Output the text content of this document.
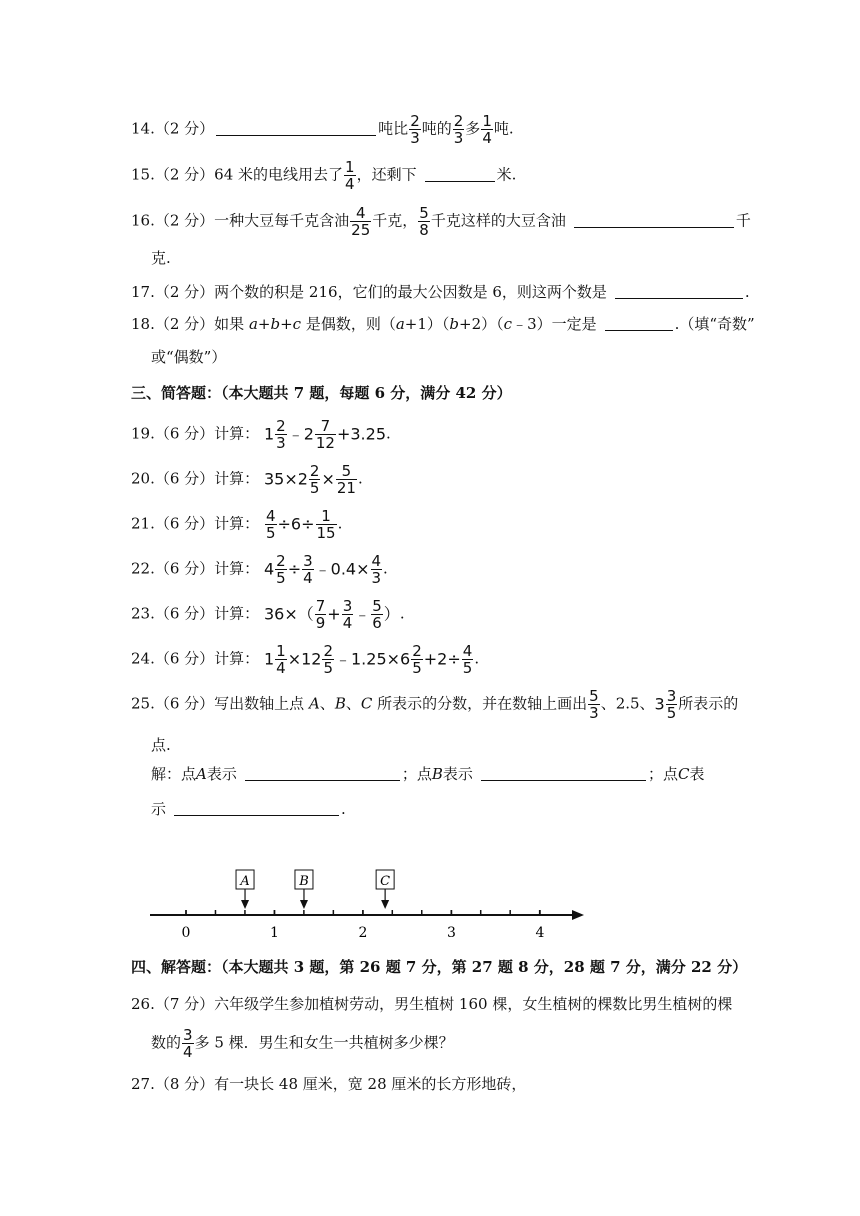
14.（2 分）	吨比 $\frac{2}{3}$ 吨的 $\frac{2}{3}$ 多 $\frac{1}{4}$ 吨.
15.（2 分）64 米的电线用去了 $\frac{1}{4}$ ，还剩下	米.
16.（2 分）一种大豆每千克含油 $\frac{4}{25}$ 千克， $\frac{5}{8}$ 千克这样的大豆含油	千
克.
17.（2 分）两个数的积是 216，它们的最大公因数是 6，则这两个数是	.
18.（2 分）如果 a+b+c 是偶数，则（a+1）（b+2）（c﹣3）一定是	.（填“奇数”
或“偶数”）
三、简答题：（本大题共 7 题，每题 6 分，满分 42 分）
19.（6 分）计算： $1 \frac{2}{3}$ ﹣2 $\frac{7}{12} +3.25$.
20.（6 分）计算： $35\times 2 \frac{2}{5} \times \frac{5}{21}$ .
21.（6 分）计算： $\frac{4}{5} \div 6\div \frac{1}{15}$ .
22.（6 分）计算： $4 \frac{2}{5} \div \frac{3}{4}$ ﹣0.4× $\frac{4}{3}$ .
23.（6 分）计算： $36\times( \frac{7}{9} + \frac{3}{4}$ ﹣ $\frac{5}{6}$ ）.
24.（6 分）计算： $1 \frac{1}{4} \times 12 \frac{2}{5}$ ﹣1.25×6 $\frac{2}{5} +2\div \frac{4}{5}$ .
25.（6 分）写出数轴上点 A、B、C 所表示的分数，并在数轴上画出 $\frac{5}{3}$ 、2.5、$3 \frac{3}{5}$ 所表示的
点.
解：点A表示	；点B表示	；点C表
示	.
0	1	2	3	4
A	B	C
四、解答题：（本大题共 3 题，第 26 题 7 分，第 27 题 8 分，28 题 7 分，满分 22 分）
26.（7 分）六年级学生参加植树劳动，男生植树 160 棵，女生植树的棵数比男生植树的棵
数的 $\frac{3}{4}$ 多 5 棵．男生和女生一共植树多少棵？
27.（8 分）有一块长 48 厘米，宽 28 厘米的长方形地砖，
